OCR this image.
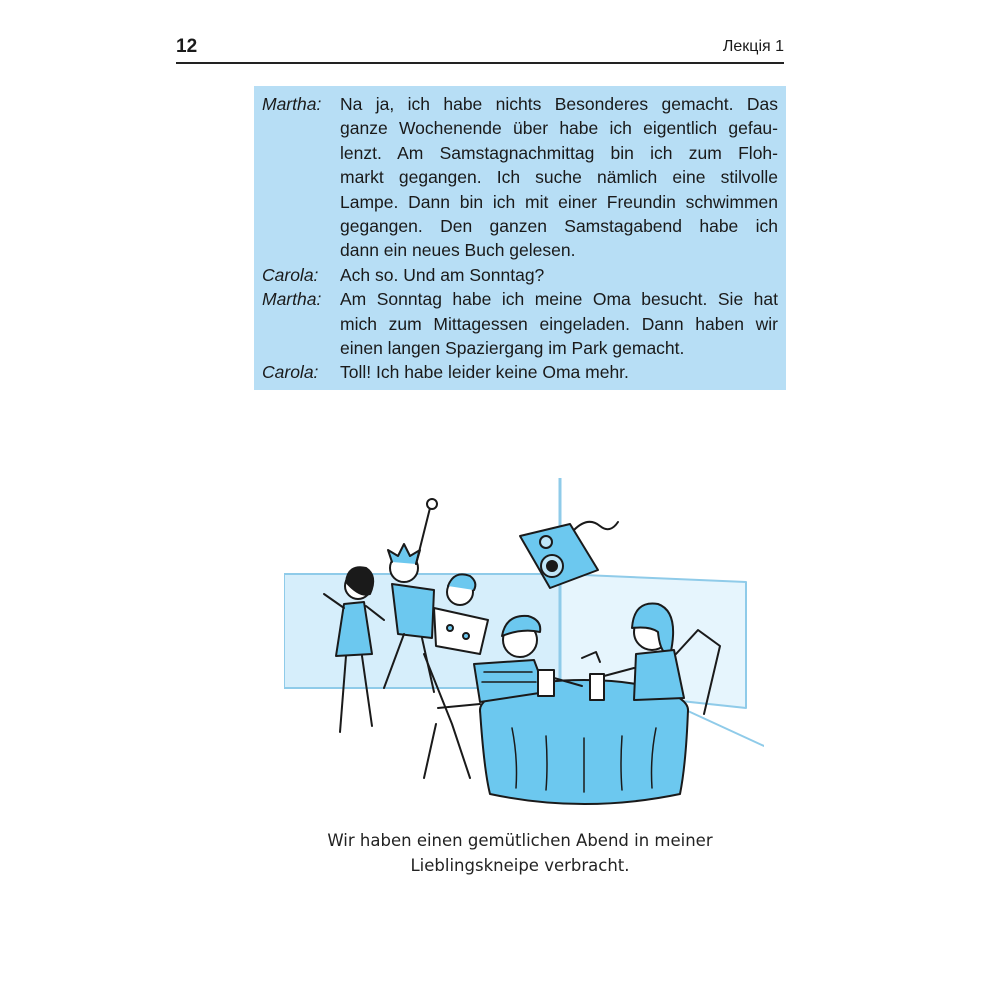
12	Лекція 1
Martha:	Na ja, ich habe nichts Besonderes gemacht. Das
ganze Wochenende über habe ich eigentlich gefau-
lenzt. Am Samstagnachmittag bin ich zum Floh-
markt gegangen. Ich suche nämlich eine stilvolle
Lampe. Dann bin ich mit einer Freundin schwimmen
gegangen. Den ganzen Samstagabend habe ich
dann ein neues Buch gelesen.
Carola:	Ach so. Und am Sonntag?
Martha:	Am Sonntag habe ich meine Oma besucht. Sie hat
mich zum Mittagessen eingeladen. Dann haben wir
einen langen Spaziergang im Park gemacht.
Carola:	Toll! Ich habe leider keine Oma mehr.
Wir haben einen gemütlichen Abend in meiner
Lieblingskneipe verbracht.
